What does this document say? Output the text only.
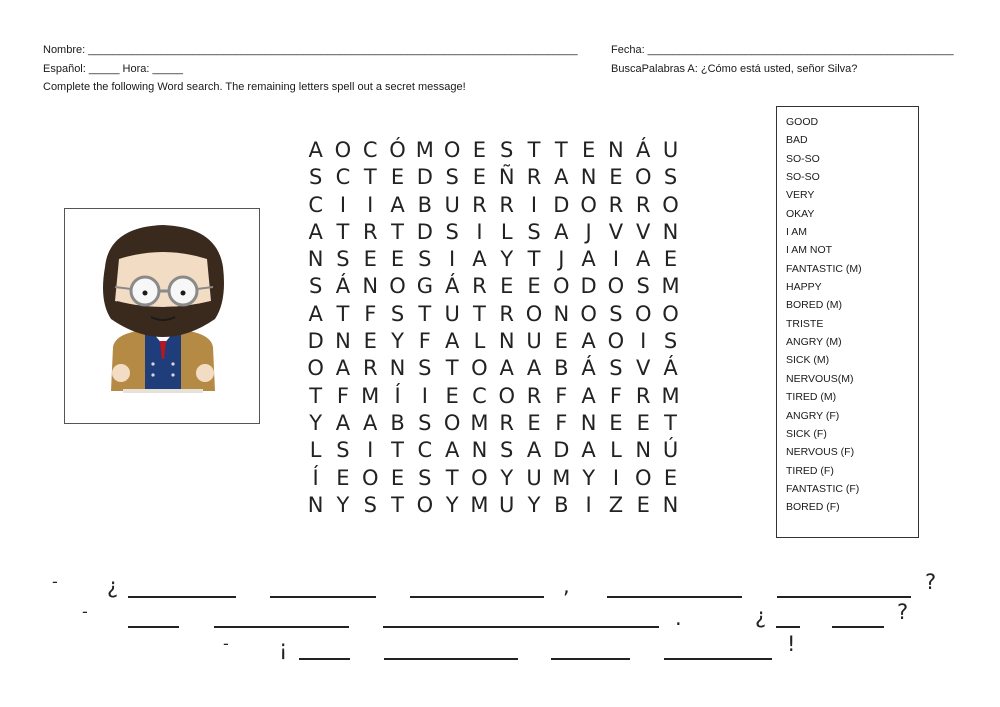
Nombre: ________________________________________________________________________________	Fecha: __________________________________________________
Español: _____ Hora: _____	BuscaPalabras A: ¿Cómo está usted, señor Silva?
Complete the following Word search. The remaining letters spell out a secret message!
A O C Ó M O E S T T E N Á U
S C T E D S E Ñ R A N E O S
C I	I A B U R R I D O R R O
A T R T D S I L S A J V V N
N S E E S I A Y T J A I A E
S Á N O G Á R E E O D O S M
A T F S T U T R O N O S O O
D N E Y F A L N U E A O I S
O A R N S T O A A B Á S V Á
T F M Í	I E C O R F A F R M
Y A A B S O M R E F N E E T
L S I T C A N S A D A L N Ú
Í E O E S T O Y U M Y I O E
N Y S T O Y M U Y B I Z E N
GOOD
BAD
SO-SO
SO-SO
VERY
OKAY
I AM
I AM NOT
FANTASTIC (M)
HAPPY
BORED (M)
TRISTE
ANGRY (M)
SICK (M)
NERVOUS(M)
TIRED (M)
ANGRY (F)
SICK (F)
NERVOUS (F)
TIRED (F)
FANTASTIC (F)
BORED (F)
- ¿	,	?
-	.	¿	?
- ¡	!
